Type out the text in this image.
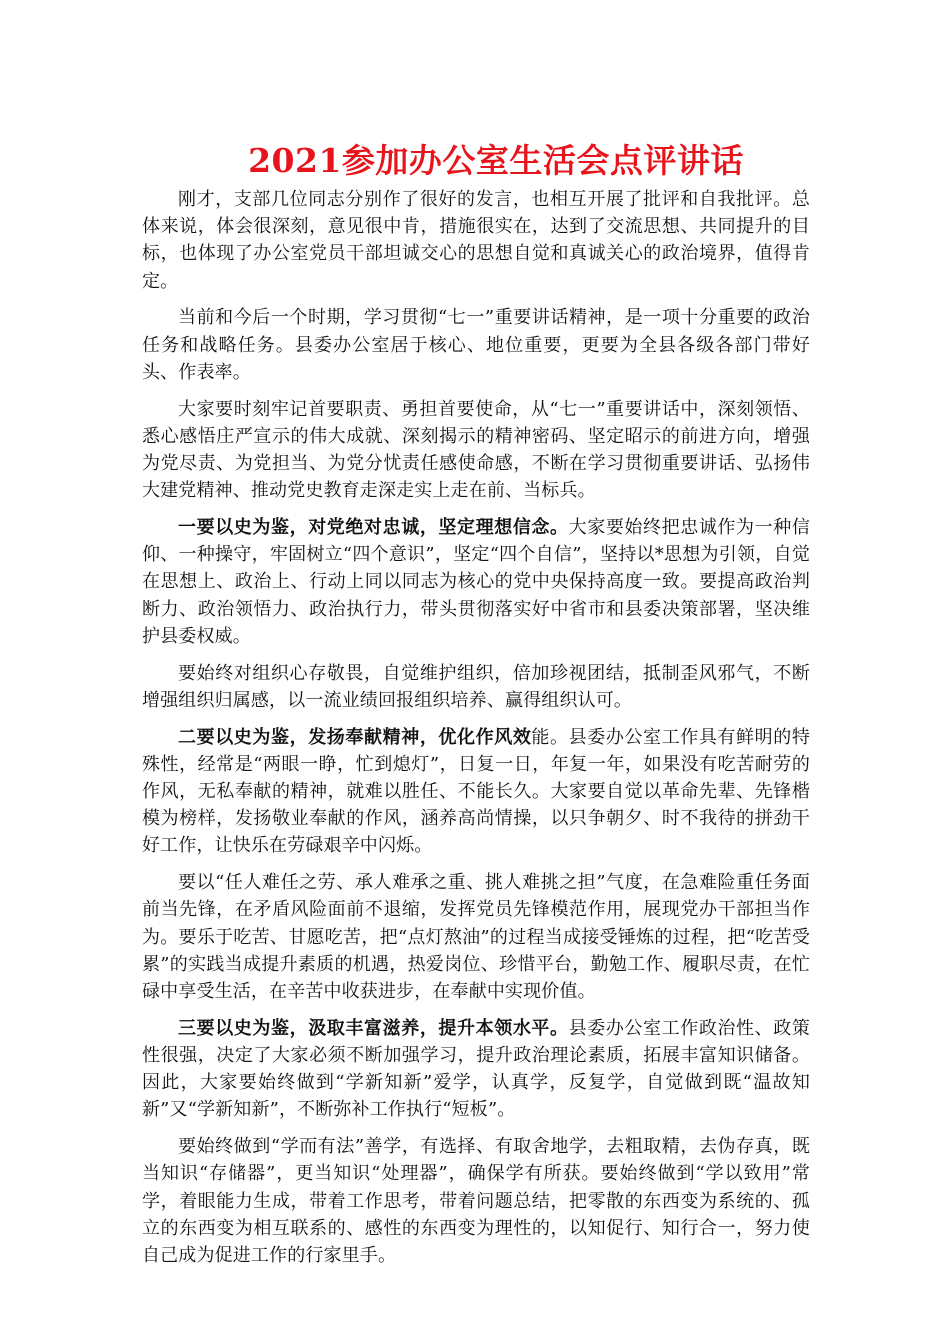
2021参加办公室生活会点评讲话

刚才，支部几位同志分别作了很好的发言，也相互开展了批评和自我批评。总体来说，体会很深刻，意见很中肯，措施很实在，达到了交流思想、共同提升的目标，也体现了办公室党员干部坦诚交心的思想自觉和真诚关心的政治境界，值得肯定。

当前和今后一个时期，学习贯彻“七一”重要讲话精神，是一项十分重要的政治任务和战略任务。县委办公室居于核心、地位重要，更要为全县各级各部门带好头、作表率。

大家要时刻牢记首要职责、勇担首要使命，从“七一”重要讲话中，深刻领悟、悉心感悟庄严宣示的伟大成就、深刻揭示的精神密码、坚定昭示的前进方向，增强为党尽责、为党担当、为党分忧责任感使命感，不断在学习贯彻重要讲话、弘扬伟大建党精神、推动党史教育走深走实上走在前、当标兵。

一要以史为鉴，对党绝对忠诚，坚定理想信念。大家要始终把忠诚作为一种信仰、一种操守，牢固树立“四个意识”，坚定“四个自信”，坚持以*思想为引领，自觉在思想上、政治上、行动上同以同志为核心的党中央保持高度一致。要提高政治判断力、政治领悟力、政治执行力，带头贯彻落实好中省市和县委决策部署，坚决维护县委权威。

要始终对组织心存敬畏，自觉维护组织，倍加珍视团结，抵制歪风邪气，不断增强组织归属感，以一流业绩回报组织培养、赢得组织认可。

二要以史为鉴，发扬奉献精神，优化作风效能。县委办公室工作具有鲜明的特殊性，经常是“两眼一睁，忙到熄灯”，日复一日，年复一年，如果没有吃苦耐劳的作风，无私奉献的精神，就难以胜任、不能长久。大家要自觉以革命先辈、先锋楷模为榜样，发扬敬业奉献的作风，涵养高尚情操，以只争朝夕、时不我待的拼劲干好工作，让快乐在劳碌艰辛中闪烁。

要以“任人难任之劳、承人难承之重、挑人难挑之担”气度，在急难险重任务面前当先锋，在矛盾风险面前不退缩，发挥党员先锋模范作用，展现党办干部担当作为。要乐于吃苦、甘愿吃苦，把“点灯熬油”的过程当成接受锤炼的过程，把“吃苦受累”的实践当成提升素质的机遇，热爱岗位、珍惜平台，勤勉工作、履职尽责，在忙碌中享受生活，在辛苦中收获进步，在奉献中实现价值。

三要以史为鉴，汲取丰富滋养，提升本领水平。县委办公室工作政治性、政策性很强，决定了大家必须不断加强学习，提升政治理论素质，拓展丰富知识储备。因此，大家要始终做到“学新知新”爱学，认真学，反复学，自觉做到既“温故知新”又“学新知新”，不断弥补工作执行“短板”。

要始终做到“学而有法”善学，有选择、有取舍地学，去粗取精，去伪存真，既当知识“存储器”，更当知识“处理器”，确保学有所获。要始终做到“学以致用”常学，着眼能力生成，带着工作思考，带着问题总结，把零散的东西变为系统的、孤立的东西变为相互联系的、感性的东西变为理性的，以知促行、知行合一，努力使自己成为促进工作的行家里手。
